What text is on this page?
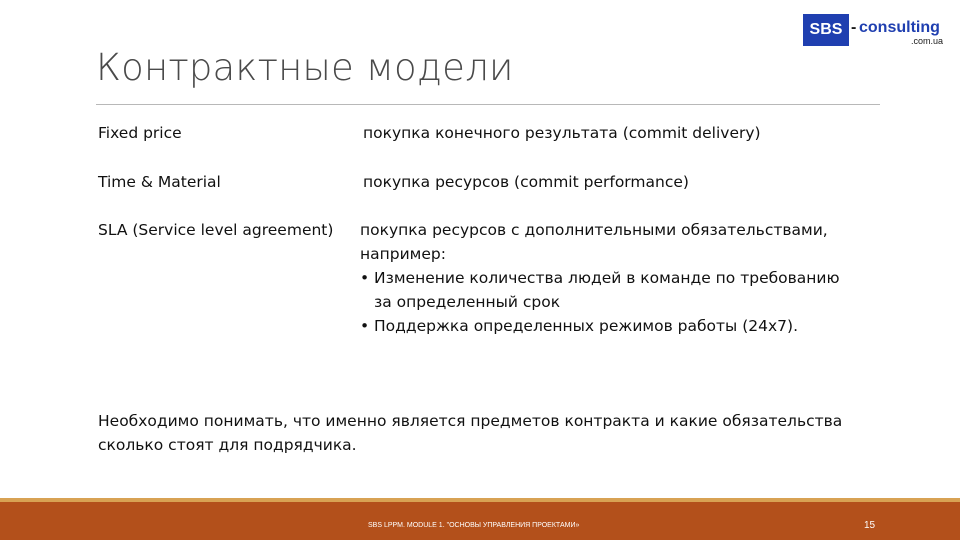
Контрактные модели
SBS - consulting
.com.ua
Fixed price	покупка конечного результата (commit delivery)
Time & Material	покупка ресурсов (commit performance)
SLA (Service level agreement) покупка ресурсов с дополнительными обязательствами,
например:
• Изменение количества людей в команде по требованию
за определенный срок
• Поддержка определенных режимов работы (24х7).
Необходимо понимать, что именно является предметов контракта и какие обязательства
сколько стоят для подрядчика.
SBS LPPM. MODULE 1. "ОСНОВЫ УПРАВЛЕНИЯ ПРОЕКТАМИ»	15
